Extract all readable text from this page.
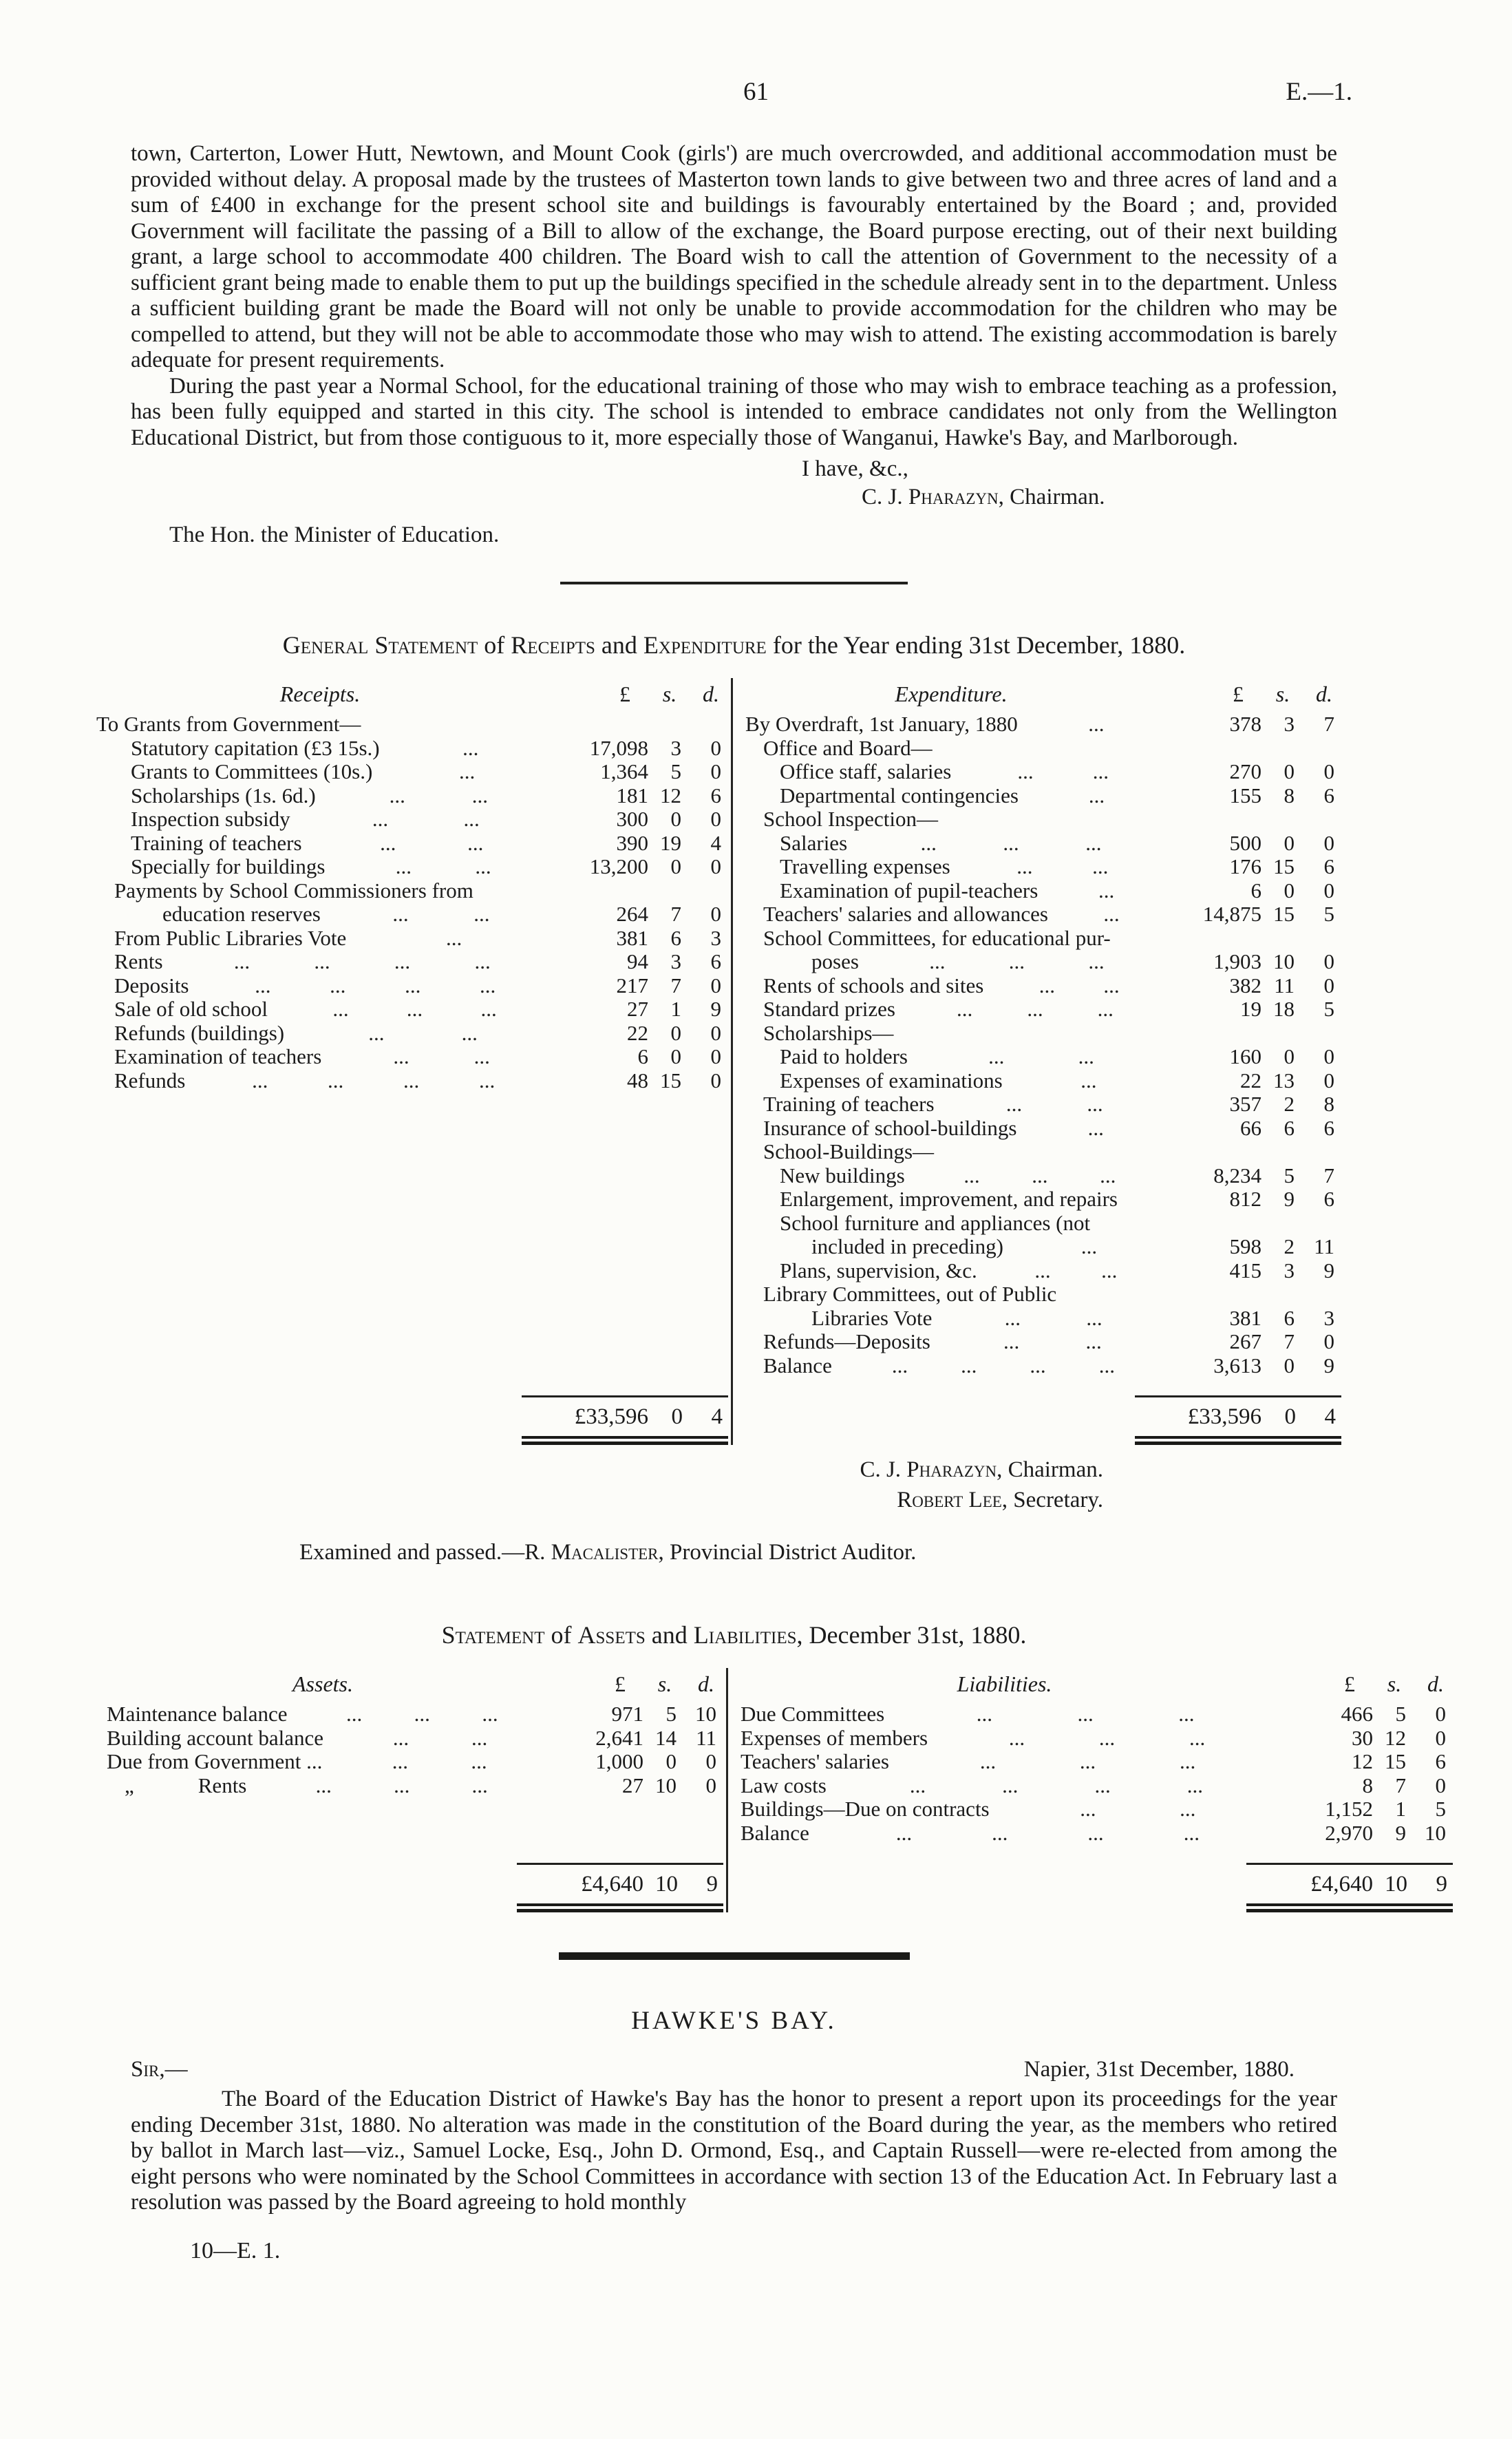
61	E.—1.

town, Carterton, Lower Hutt, Newtown, and Mount Cook (girls') are much overcrowded, and additional accommodation must be provided without delay. A proposal made by the trustees of Masterton town lands to give between two and three acres of land and a sum of £400 in exchange for the present school site and buildings is favourably entertained by the Board ; and, provided Government will facilitate the passing of a Bill to allow of the exchange, the Board purpose erecting, out of their next building grant, a large school to accommodate 400 children. The Board wish to call the attention of Government to the necessity of a sufficient grant being made to enable them to put up the buildings specified in the schedule already sent in to the department. Unless a sufficient building grant be made the Board will not only be unable to provide accommodation for the children who may be compelled to attend, but they will not be able to accommodate those who may wish to attend. The existing accommodation is barely adequate for present requirements.

During the past year a Normal School, for the educational training of those who may wish to embrace teaching as a profession, has been fully equipped and started in this city. The school is intended to embrace candidates not only from the Wellington Educational District, but from those contiguous to it, more especially those of Wanganui, Hawke's Bay, and Marlborough.

I have, &c.,
C. J. Pharazyn, Chairman.
The Hon. the Minister of Education.
General Statement of Receipts and Expenditure for the Year ending 31st December, 1880.
Receipts.	£	s.	d.
To Grants from Government—
Statutory capitation (£3 15s.)	...	17,098	3	0
Grants to Committees (10s.)	...	1,364	5	0
Scholarships (1s. 6d.)	...	...	181 12	6
Inspection subsidy	...	...	300	0	0
Training of teachers	...	...	390 19	4
Specially for buildings	...	...	13,200	0	0
Payments by School Commissioners from
education reserves	...	...	264	7	0
From Public Libraries Vote	...	381	6	3
Rents	...	...	...	...	94	3	6
Deposits	...	...	...	...	217	7	0
Sale of old school	...	...	...	27	1	9
Refunds (buildings)	...	...	22	0	0
Examination of teachers	...	...	6	0	0
Refunds	...	...	...	...	48 15	0
£33,596	0	4
Expenditure.	£	s.	d.
By Overdraft, 1st January, 1880	...	378	3	7
Office and Board—
Office staff, salaries	...	...	270	0	0
Departmental contingencies	...	155	8	6
School Inspection—
Salaries	...	...	...	500	0	0
Travelling expenses	...	...	176 15	6
Examination of pupil-teachers	...	6	0	0
Teachers' salaries and allowances	...	14,875 15	5
School Committees, for educational pur-
poses	...	...	...	1,903 10	0
Rents of schools and sites	... ...	382 11	0
Standard prizes	...	...	...	19 18	5
Scholarships—
Paid to holders	...	...	160	0	0
Expenses of examinations	...	22 13	0
Training of teachers	...	...	357	2	8
Insurance of school-buildings	...	66	6	6
School-Buildings—
New buildings	... ... ...	8,234	5	7
Enlargement, improvement, and repairs	812	9	6
School furniture and appliances (not
included in preceding)	...	598	2 11
Plans, supervision, &c.	... ...	415	3	9
Library Committees, out of Public
Libraries Vote	...	...	381	6	3
Refunds—Deposits	...	...	267	7	0
Balance	... ... ... ...	3,613	0	9
£33,596	0	4
C. J. Pharazyn, Chairman.
Robert Lee, Secretary.
Examined and passed.—R. Macalister, Provincial District Auditor.
Statement of Assets and Liabilities, December 31st, 1880.
Assets.	£	s.	d.
Maintenance balance	... ... ...	971	5 10
Building account balance	...	...	2,641 14 11
Due from Government ...	...	...	1,000	0	0
„   Rents	...	...	...	27 10	0
£4,640 10	9
Liabilities.	£	s.	d.
Due Committees	...	...	...	466	5	0
Expenses of members	...	...	...	30 12	0
Teachers' salaries	...	...	...	12 15	6
Law costs	...	...	...	...	8	7	0
Buildings—Due on contracts	...	...	1,152	1	5
Balance	...	...	...	...	2,970	9 10
£4,640 10	9
HAWKE'S BAY.
Sir,—	Napier, 31st December, 1880.

The Board of the Education District of Hawke's Bay has the honor to present a report upon its proceedings for the year ending December 31st, 1880. No alteration was made in the constitution of the Board during the year, as the members who retired by ballot in March last—viz., Samuel Locke, Esq., John D. Ormond, Esq., and Captain Russell—were re-elected from among the eight persons who were nominated by the School Committees in accordance with section 13 of the Education Act. In February last a resolution was passed by the Board agreeing to hold monthly

10—E. 1.
